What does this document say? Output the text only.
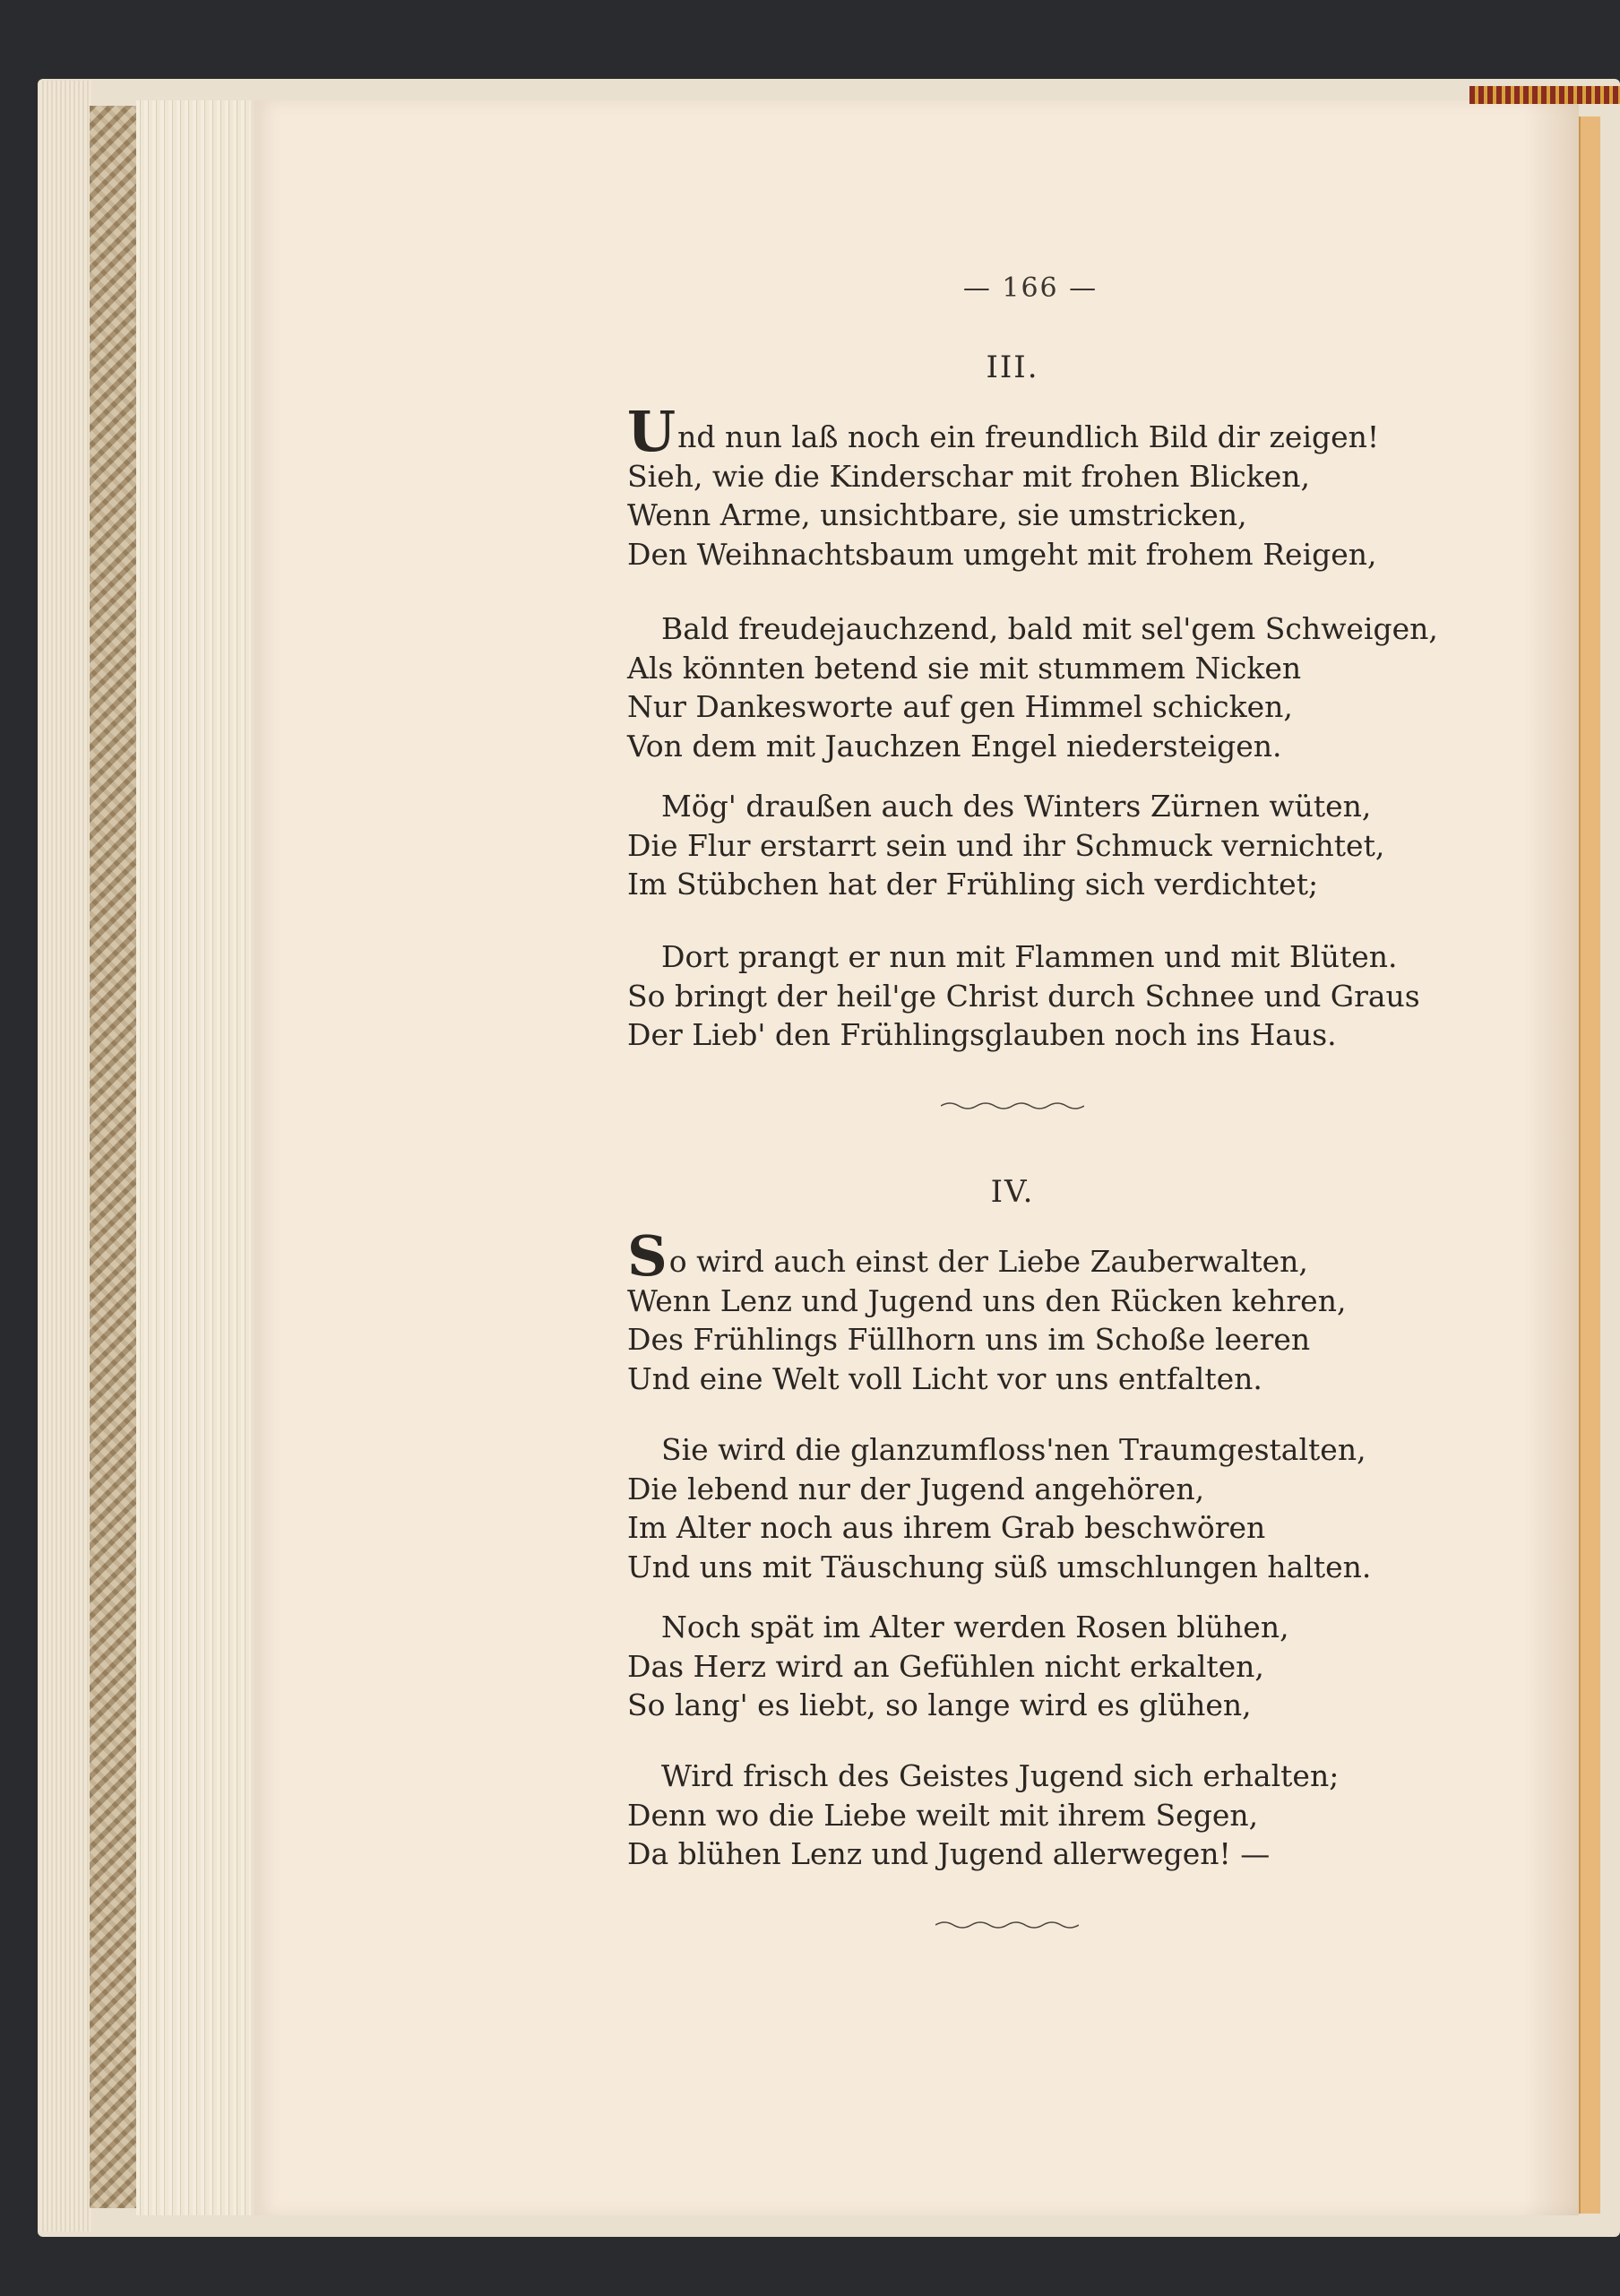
— 166 —
III.
Und nun laß noch ein freundlich Bild dir zeigen!
Sieh, wie die Kinderschar mit frohen Blicken,
Wenn Arme, unsichtbare, sie umstricken,
Den Weihnachtsbaum umgeht mit frohem Reigen,
Bald freudejauchzend, bald mit sel'gem Schweigen,
Als könnten betend sie mit stummem Nicken
Nur Dankesworte auf gen Himmel schicken,
Von dem mit Jauchzen Engel niedersteigen.
Mög' draußen auch des Winters Zürnen wüten,
Die Flur erstarrt sein und ihr Schmuck vernichtet,
Im Stübchen hat der Frühling sich verdichtet;
Dort prangt er nun mit Flammen und mit Blüten.
So bringt der heil'ge Christ durch Schnee und Graus
Der Lieb' den Frühlingsglauben noch ins Haus.
IV.
So wird auch einst der Liebe Zauberwalten,
Wenn Lenz und Jugend uns den Rücken kehren,
Des Frühlings Füllhorn uns im Schoße leeren
Und eine Welt voll Licht vor uns entfalten.
Sie wird die glanzumfloss'nen Traumgestalten,
Die lebend nur der Jugend angehören,
Im Alter noch aus ihrem Grab beschwören
Und uns mit Täuschung süß umschlungen halten.
Noch spät im Alter werden Rosen blühen,
Das Herz wird an Gefühlen nicht erkalten,
So lang' es liebt, so lange wird es glühen,
Wird frisch des Geistes Jugend sich erhalten;
Denn wo die Liebe weilt mit ihrem Segen,
Da blühen Lenz und Jugend allerwegen! —
